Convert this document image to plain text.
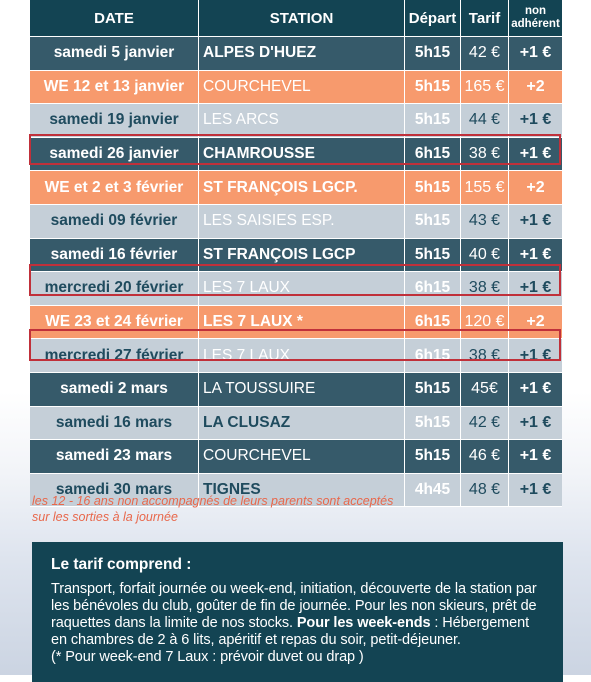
DATE	STATION	Départ	Tarif	non
adhérent
samedi 5 janvier	ALPES D'HUEZ	5h15	42 €	+1 €
WE 12 et 13 janvier	COURCHEVEL	5h15	165 €	+2
samedi 19 janvier	LES ARCS	5h15	44 €	+1 €
samedi 26 janvier	CHAMROUSSE	6h15	38 €	+1 €
WE et 2 et 3 février	ST FRANÇOIS LGCP.	5h15	155 €	+2
samedi 09 février	LES SAISIES ESP.	5h15	43 €	+1 €
samedi 16 février	ST FRANÇOIS LGCP	5h15	40 €	+1 €
mercredi 20 février	LES 7 LAUX	6h15	38 €	+1 €
WE 23 et 24 février	LES 7 LAUX *	6h15	120 €	+2
mercredi 27 février	LES 7 LAUX	6h15	38 €	+1 €
samedi 2 mars	LA TOUSSUIRE	5h15	45€	+1 €
samedi 16 mars	LA CLUSAZ	5h15	42 €	+1 €
samedi 23 mars	COURCHEVEL	5h15	46 €	+1 €
samedi 30 mars	TIGNES	4h45	48 €	+1 €
les 12 - 16 ans non accompagnés de leurs parents sont acceptés
sur les sorties à la journée
Le tarif comprend :
Transport, forfait journée ou week-end, initiation, découverte de la station par les bénévoles du club, goûter de fin de journée. Pour les non skieurs, prêt de raquettes dans la limite de nos stocks. Pour les week-ends : Hébergement en chambres de 2 à 6 lits, apéritif et repas du soir, petit-déjeuner.
(* Pour week-end 7 Laux : prévoir duvet ou drap )
